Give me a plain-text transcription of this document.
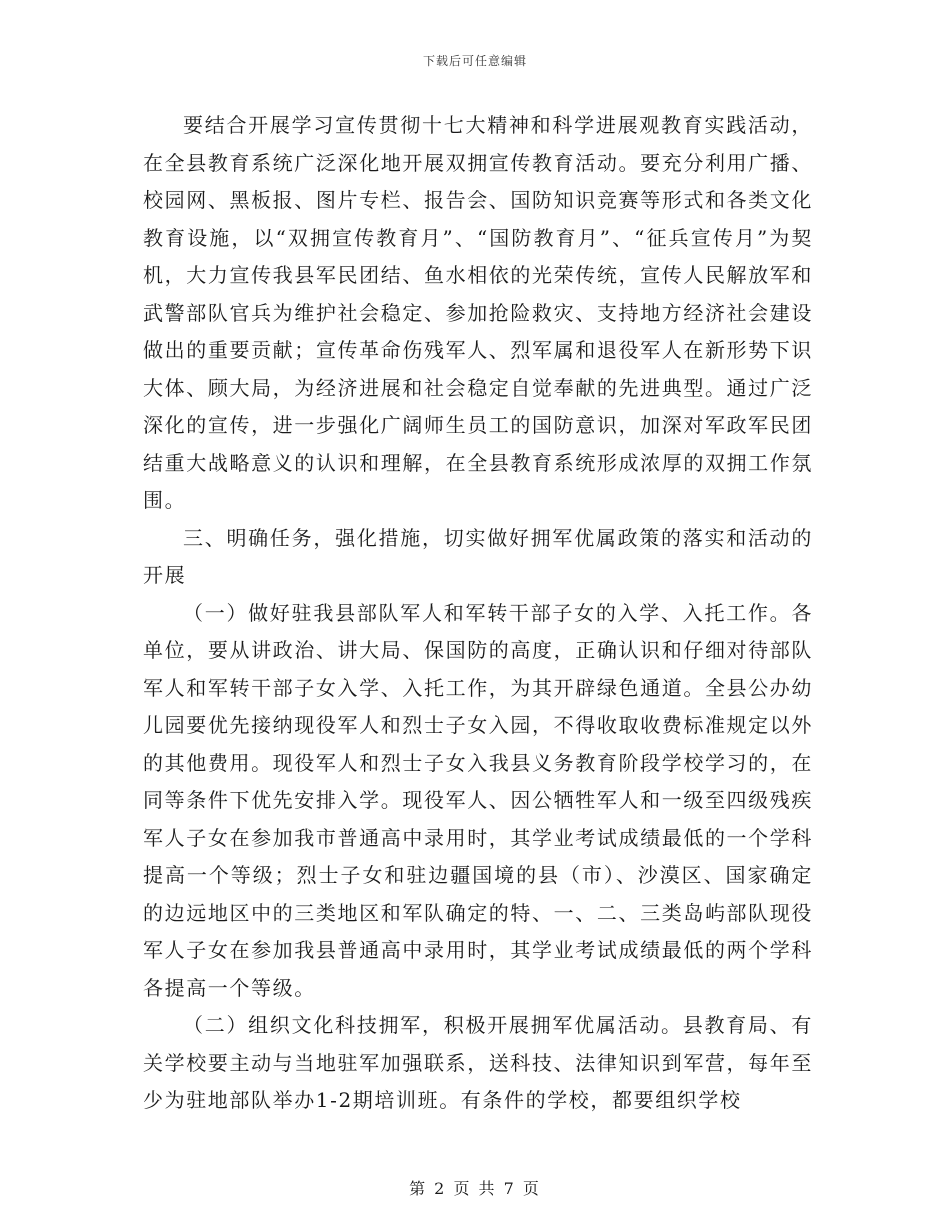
下载后可任意编辑

要结合开展学习宣传贯彻十七大精神和科学进展观教育实践活动，在全县教育系统广泛深化地开展双拥宣传教育活动。要充分利用广播、校园网、黑板报、图片专栏、报告会、国防知识竞赛等形式和各类文化教育设施，以“双拥宣传教育月”、“国防教育月”、“征兵宣传月”为契机，大力宣传我县军民团结、鱼水相依的光荣传统，宣传人民解放军和武警部队官兵为维护社会稳定、参加抢险救灾、支持地方经济社会建设做出的重要贡献；宣传革命伤残军人、烈军属和退役军人在新形势下识大体、顾大局，为经济进展和社会稳定自觉奉献的先进典型。通过广泛深化的宣传，进一步强化广阔师生员工的国防意识，加深对军政军民团结重大战略意义的认识和理解，在全县教育系统形成浓厚的双拥工作氛围。

三、明确任务，强化措施，切实做好拥军优属政策的落实和活动的开展

（一）做好驻我县部队军人和军转干部子女的入学、入托工作。各单位，要从讲政治、讲大局、保国防的高度，正确认识和仔细对待部队军人和军转干部子女入学、入托工作，为其开辟绿色通道。全县公办幼儿园要优先接纳现役军人和烈士子女入园，不得收取收费标准规定以外的其他费用。现役军人和烈士子女入我县义务教育阶段学校学习的，在同等条件下优先安排入学。现役军人、因公牺牲军人和一级至四级残疾军人子女在参加我市普通高中录用时，其学业考试成绩最低的一个学科提高一个等级；烈士子女和驻边疆国境的县（市）、沙漠区、国家确定的边远地区中的三类地区和军队确定的特、一、二、三类岛屿部队现役军人子女在参加我县普通高中录用时，其学业考试成绩最低的两个学科各提高一个等级。

（二）组织文化科技拥军，积极开展拥军优属活动。县教育局、有关学校要主动与当地驻军加强联系，送科技、法律知识到军营，每年至少为驻地部队举办1-2期培训班。有条件的学校，都要组织学校

第 2 页 共 7 页
